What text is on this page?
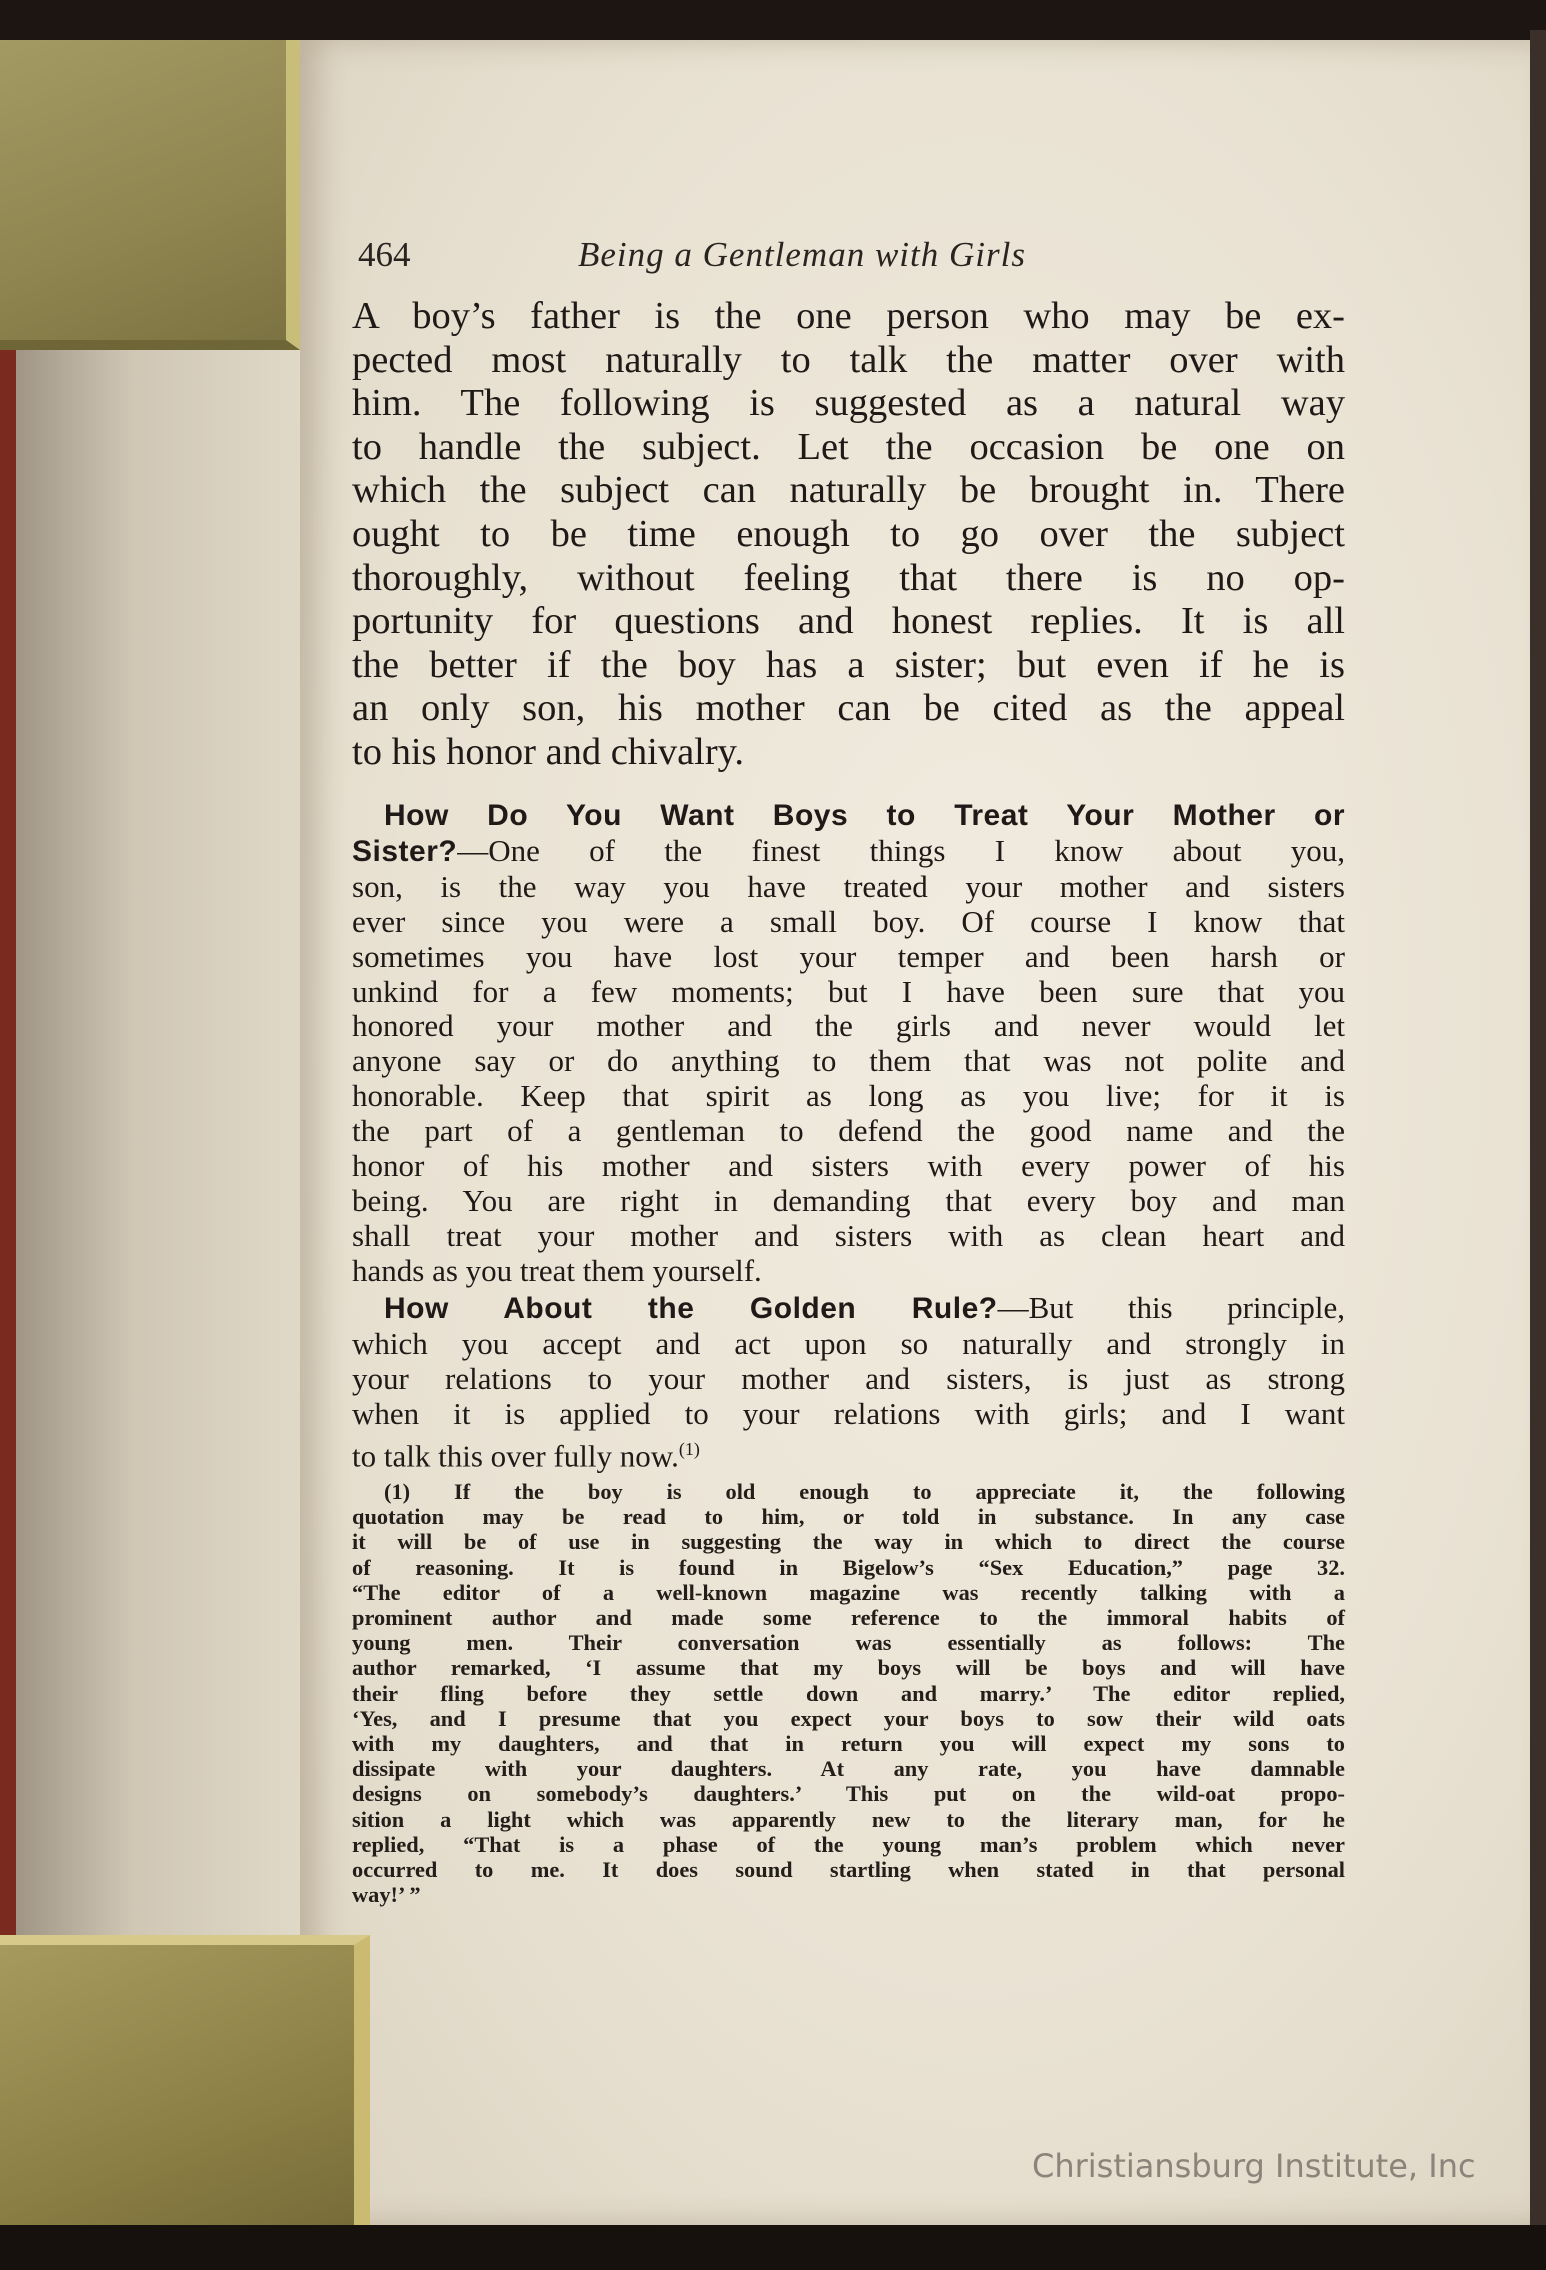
464	Being a Gentleman with Girls
A boy’s father is the one person who may be ex-
pected most naturally to talk the matter over with
him. The following is suggested as a natural way
to handle the subject. Let the occasion be one on
which the subject can naturally be brought in. There
ought to be time enough to go over the subject
thoroughly, without feeling that there is no op-
portunity for questions and honest replies. It is all
the better if the boy has a sister; but even if he is
an only son, his mother can be cited as the appeal
to his honor and chivalry.
How Do You Want Boys to Treat Your Mother or
Sister?—One of the finest things I know about you,
son, is the way you have treated your mother and sisters
ever since you were a small boy. Of course I know that
sometimes you have lost your temper and been harsh or
unkind for a few moments; but I have been sure that you
honored your mother and the girls and never would let
anyone say or do anything to them that was not polite and
honorable. Keep that spirit as long as you live; for it is
the part of a gentleman to defend the good name and the
honor of his mother and sisters with every power of his
being. You are right in demanding that every boy and man
shall treat your mother and sisters with as clean heart and
hands as you treat them yourself.
How About the Golden Rule?—But this principle,
which you accept and act upon so naturally and strongly in
your relations to your mother and sisters, is just as strong
when it is applied to your relations with girls; and I want
to talk this over fully now.$^{(1)}$
(1) If the boy is old enough to appreciate it, the following
quotation may be read to him, or told in substance. In any case
it will be of use in suggesting the way in which to direct the course
of reasoning. It is found in Bigelow’s “Sex Education,” page 32.
“The editor of a well-known magazine was recently talking with a
prominent author and made some reference to the immoral habits of
young men. Their conversation was essentially as follows: The
author remarked, ‘I assume that my boys will be boys and will have
their fling before they settle down and marry.’ The editor replied,
‘Yes, and I presume that you expect your boys to sow their wild oats
with my daughters, and that in return you will expect my sons to
dissipate with your daughters. At any rate, you have damnable
designs on somebody’s daughters.’ This put on the wild-oat propo-
sition a light which was apparently new to the literary man, for he
replied, “That is a phase of the young man’s problem which never
occurred to me. It does sound startling when stated in that personal
way!’ ”
Christiansburg Institute, Inc
